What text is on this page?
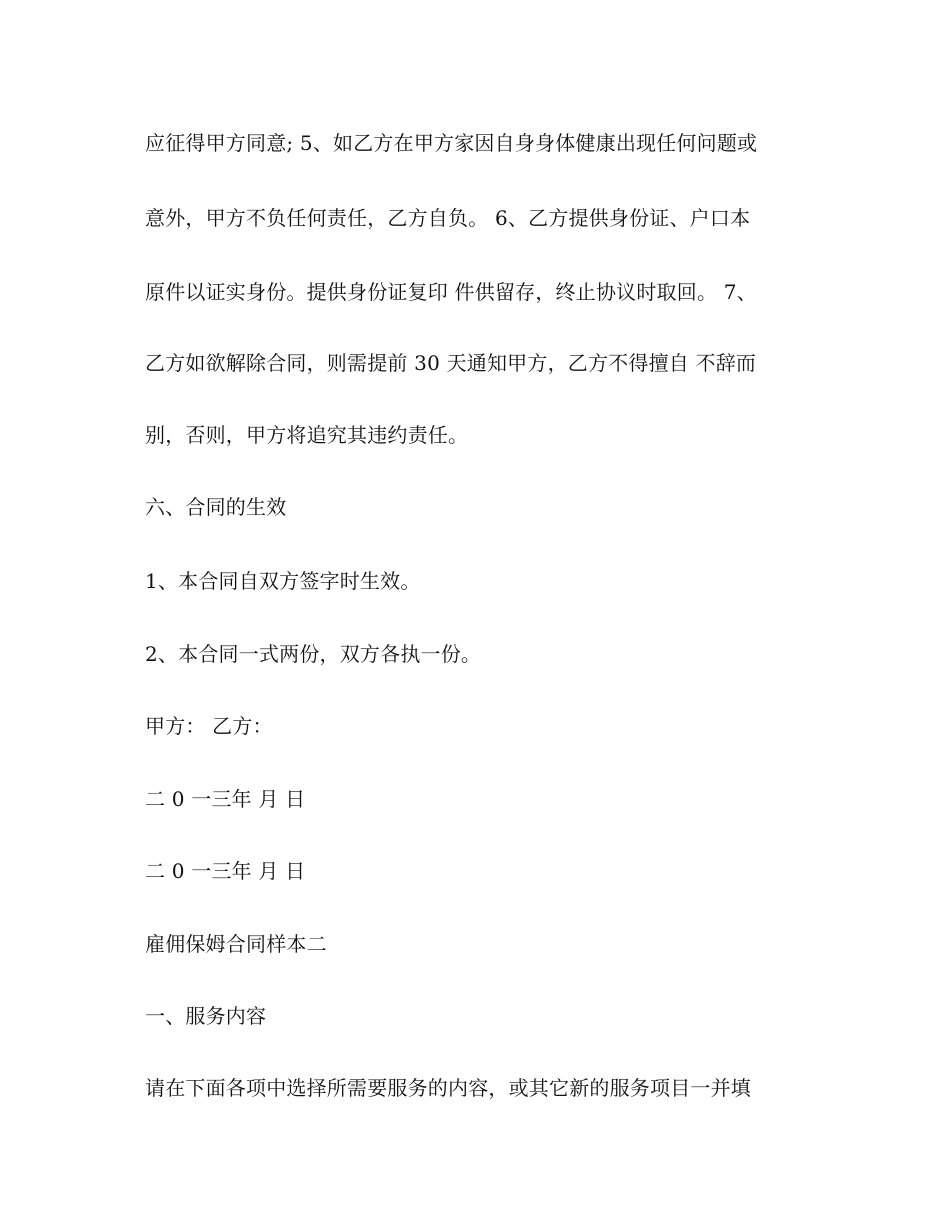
应征得甲方同意; 5、如乙方在甲方家因自身身体健康出现任何问题或
意外，甲方不负任何责任，乙方自负。 6、乙方提供身份证、户口本
原件以证实身份。提供身份证复印 件供留存，终止协议时取回。 7、
乙方如欲解除合同，则需提前 30 天通知甲方，乙方不得擅自 不辞而
别，否则，甲方将追究其违约责任。
六、合同的生效
1、本合同自双方签字时生效。
2、本合同一式两份，双方各执一份。
甲方： 乙方：
二 0 一三年 月 日
二 0 一三年 月 日
雇佣保姆合同样本二
一、服务内容
请在下面各项中选择所需要服务的内容，或其它新的服务项目一并填
